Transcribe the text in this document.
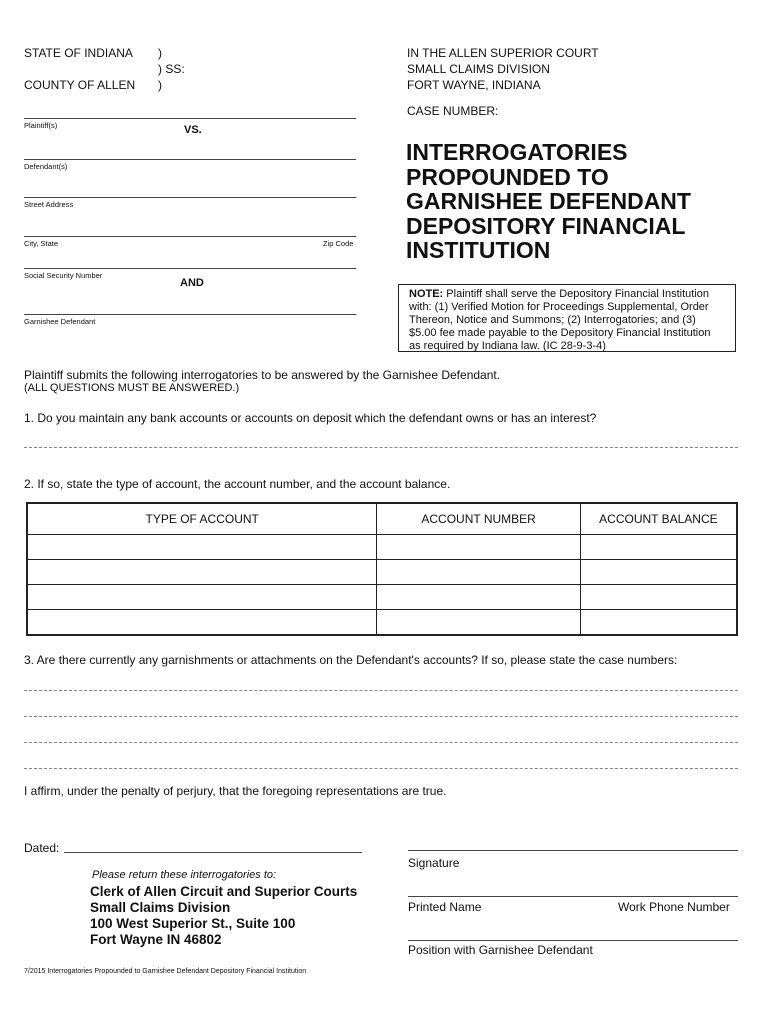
STATE OF INDIANA
COUNTY OF ALLEN
)
) SS:
)
IN THE ALLEN SUPERIOR COURT
SMALL CLAIMS DIVISION
FORT WAYNE, INDIANA
CASE NUMBER:
Plaintiff(s)	VS.
Defendant(s)
Street Address
City, State	Zip Code
Social Security Number
AND
Garnishee Defendant
INTERROGATORIES
PROPOUNDED TO
GARNISHEE DEFENDANT
DEPOSITORY FINANCIAL
INSTITUTION
NOTE: Plaintiff shall serve the Depository Financial Institution
with: (1) Verified Motion for Proceedings Supplemental, Order
Thereon, Notice and Summons; (2) Interrogatories; and (3)
$5.00 fee made payable to the Depository Financial Institution
as required by Indiana law. (IC 28-9-3-4)
Plaintiff submits the following interrogatories to be answered by the Garnishee Defendant.
(ALL QUESTIONS MUST BE ANSWERED.)
1. Do you maintain any bank accounts or accounts on deposit which the defendant owns or has an interest?
2. If so, state the type of account, the account number, and the account balance.
TYPE OF ACCOUNT	ACCOUNT NUMBER	ACCOUNT BALANCE

3. Are there currently any garnishments or attachments on the Defendant's accounts? If so, please state the case numbers:
I affirm, under the penalty of perjury, that the foregoing representations are true.
Dated:
Signature
Printed Name	Work Phone Number
Position with Garnishee Defendant
Please return these interrogatories to:
Clerk of Allen Circuit and Superior Courts
Small Claims Division
100 West Superior St., Suite 100
Fort Wayne IN 46802
7/2015 Interrogatories Propounded to Garnishee Defendant Depository Financial Institution
